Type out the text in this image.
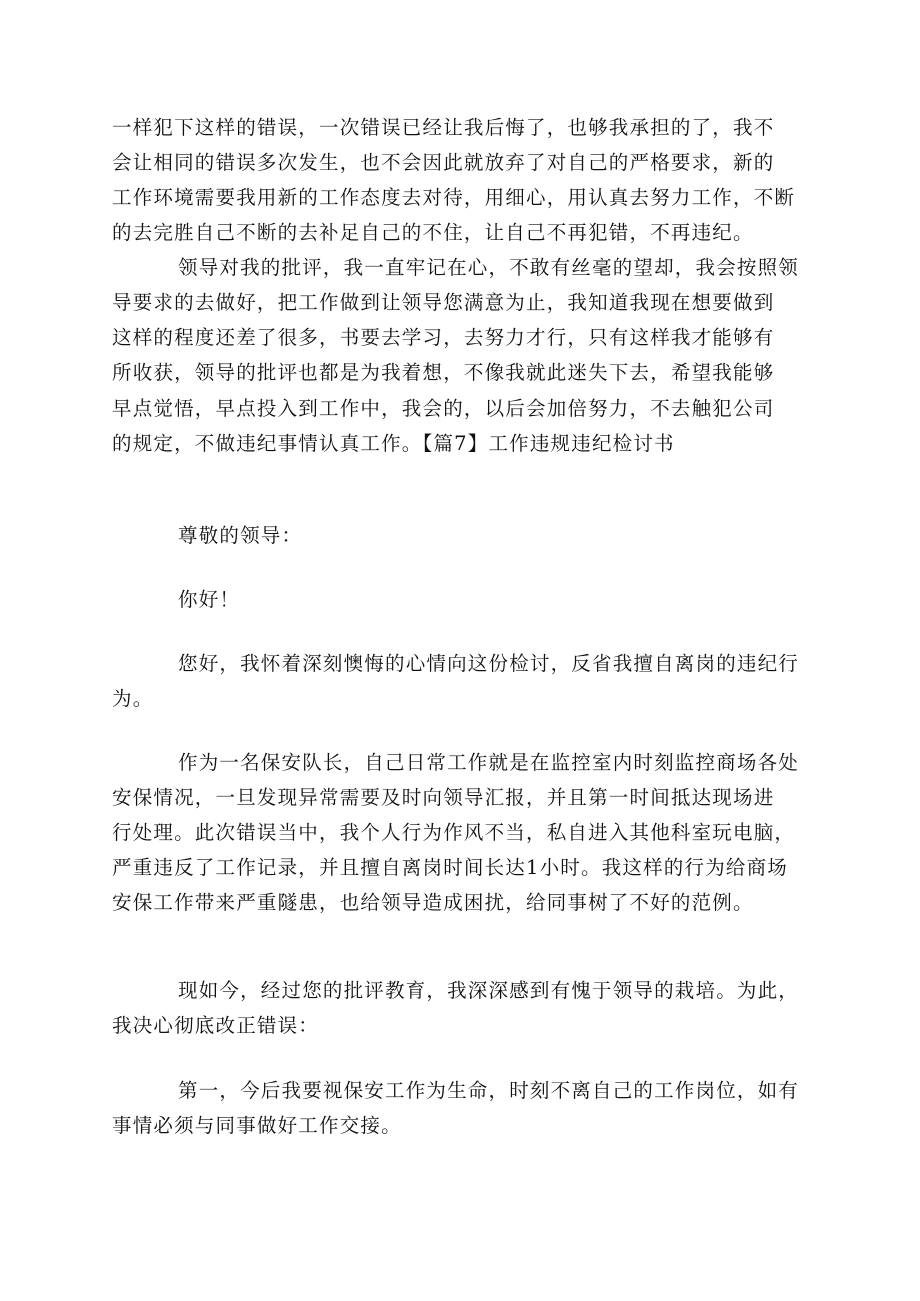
一样犯下这样的错误，一次错误已经让我后悔了，也够我承担的了，我不
会让相同的错误多次发生，也不会因此就放弃了对自己的严格要求，新的
工作环境需要我用新的工作态度去对待，用细心，用认真去努力工作，不断
的去完胜自己不断的去补足自己的不住，让自己不再犯错，不再违纪。
领导对我的批评，我一直牢记在心，不敢有丝毫的望却，我会按照领
导要求的去做好，把工作做到让领导您满意为止，我知道我现在想要做到
这样的程度还差了很多，书要去学习，去努力才行，只有这样我才能够有
所收获，领导的批评也都是为我着想，不像我就此迷失下去，希望我能够
早点觉悟，早点投入到工作中，我会的，以后会加倍努力，不去触犯公司
的规定，不做违纪事情认真工作。【篇7】工作违规违纪检讨书
尊敬的领导：
你好！
您好，我怀着深刻懊悔的心情向这份检讨，反省我擅自离岗的违纪行
为。
作为一名保安队长，自己日常工作就是在监控室内时刻监控商场各处
安保情况，一旦发现异常需要及时向领导汇报，并且第一时间抵达现场进
行处理。此次错误当中，我个人行为作风不当，私自进入其他科室玩电脑，
严重违反了工作记录，并且擅自离岗时间长达1小时。我这样的行为给商场
安保工作带来严重隧患，也给领导造成困扰，给同事树了不好的范例。
现如今，经过您的批评教育，我深深感到有愧于领导的栽培。为此，
我决心彻底改正错误：
第一，今后我要视保安工作为生命，时刻不离自己的工作岗位，如有
事情必须与同事做好工作交接。
